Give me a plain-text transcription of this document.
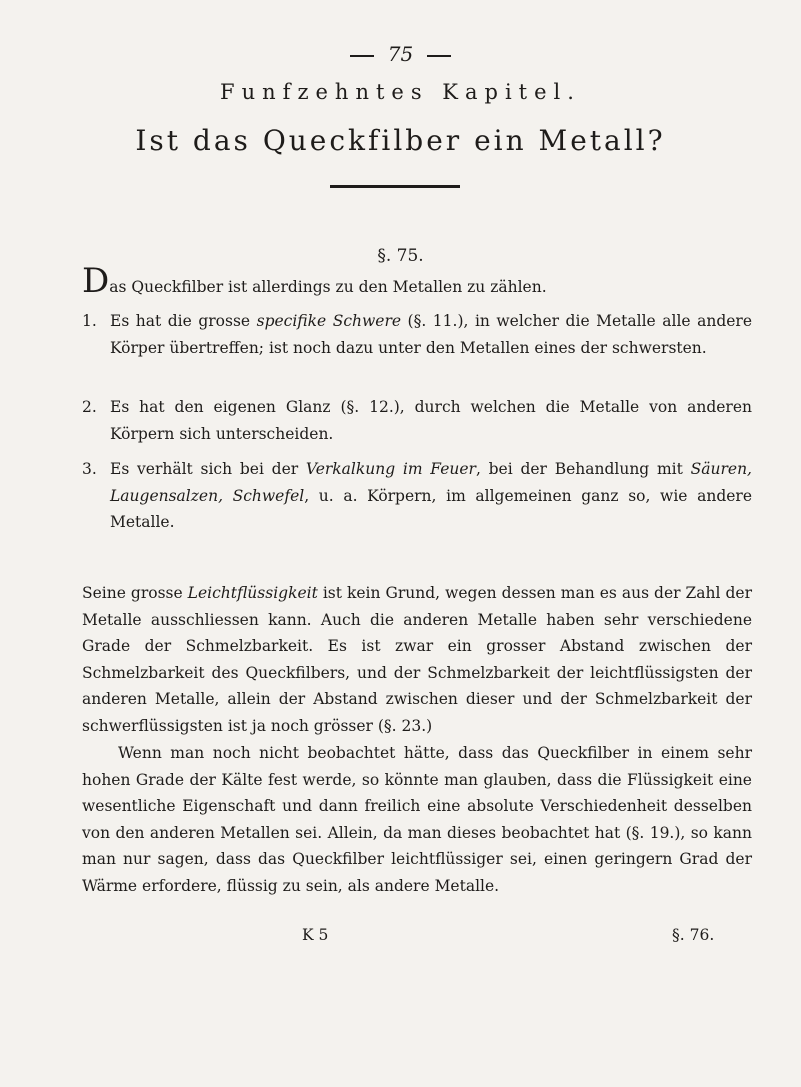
75
Funfzehntes Kapitel.
Ist das Queckfilber ein Metall?
§. 75.
Das Queckfilber ist allerdings zu den Metallen zu zählen.

1. Es hat die grosse specifike Schwere (§. 11.), in welcher die Metalle alle andere Körper übertreffen; ist noch dazu unter den Metallen eines der schwersten.

2. Es hat den eigenen Glanz (§. 12.), durch welchen die Metalle von anderen Körpern sich unterscheiden.

3. Es verhält sich bei der Verkalkung im Feuer, bei der Behandlung mit Säuren, Laugensalzen, Schwefel, u. a. Körpern, im allgemeinen ganz so, wie andere Metalle.

Seine grosse Leichtflüssigkeit ist kein Grund, wegen dessen man es aus der Zahl der Metalle ausschliessen kann. Auch die anderen Metalle haben sehr verschiedene Grade der Schmelzbarkeit. Es ist zwar ein grosser Abstand zwischen der Schmelzbarkeit des Queckfilbers, und der Schmelzbarkeit der leichtflüssigsten der anderen Metalle, allein der Abstand zwischen dieser und der Schmelzbarkeit der schwerflüssigsten ist ja noch grösser (§. 23.)
Wenn man noch nicht beobachtet hätte, dass das Queckfilber in einem sehr hohen Grade der Kälte fest werde, so könnte man glauben, dass die Flüssigkeit eine wesentliche Eigenschaft und dann freilich eine absolute Verschiedenheit desselben von den anderen Metallen sei. Allein, da man dieses beobachtet hat (§. 19.), so kann man nur sagen, dass das Queckfilber leichtflüssiger sei, einen geringern Grad der Wärme erfordere, flüssig zu sein, als andere Metalle.
K 5	§. 76.
